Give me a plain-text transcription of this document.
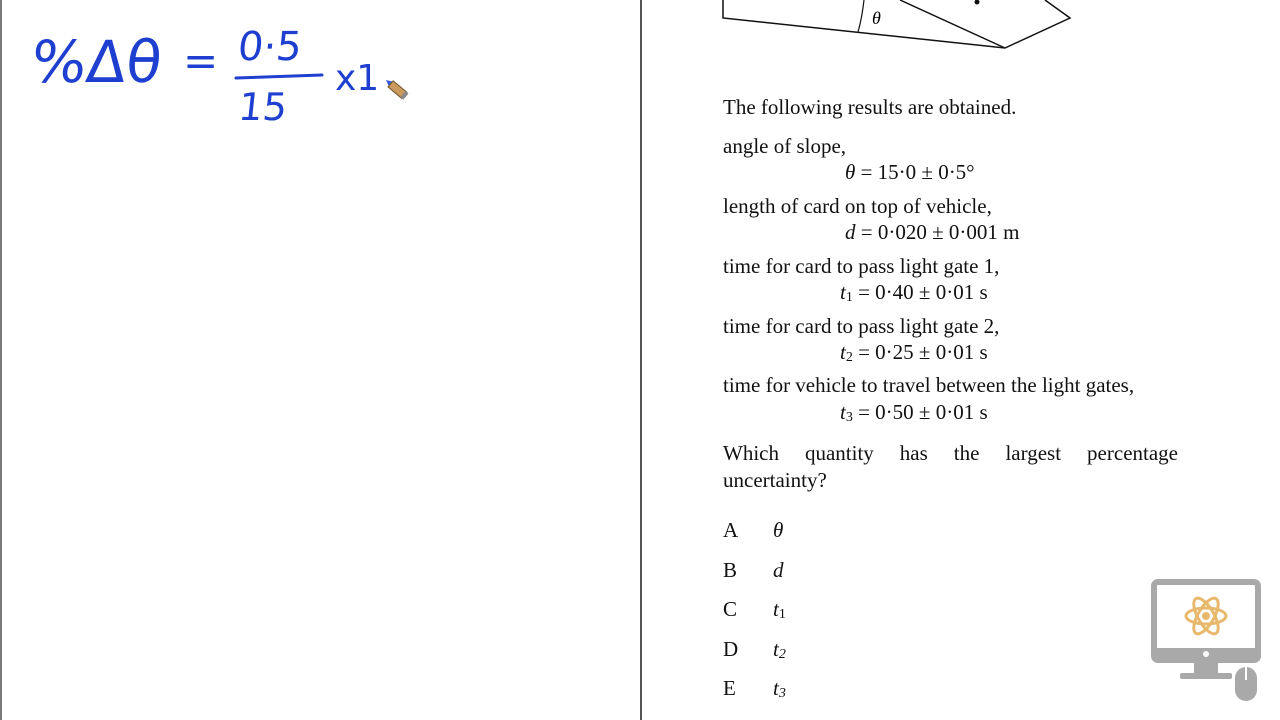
%Δθ = 0·5
15
x1
θ
The following results are obtained.
angle of slope,
θ = 15·0 ± 0·5°
length of card on top of vehicle,
d = 0·020 ± 0·001 m
time for card to pass light gate 1,
$t_1 = 0\cdot 40 \pm 0\cdot 01$ s
time for card to pass light gate 2,
$t_2 = 0\cdot 25 \pm 0\cdot 01$ s
time for vehicle to travel between the light gates,
$t_3 = 0\cdot 50 \pm 0\cdot 01$ s
Which quantity has the largest percentage uncertainty?
A θ
B d
C $t_1$
D $t_2$
E $t_3$
